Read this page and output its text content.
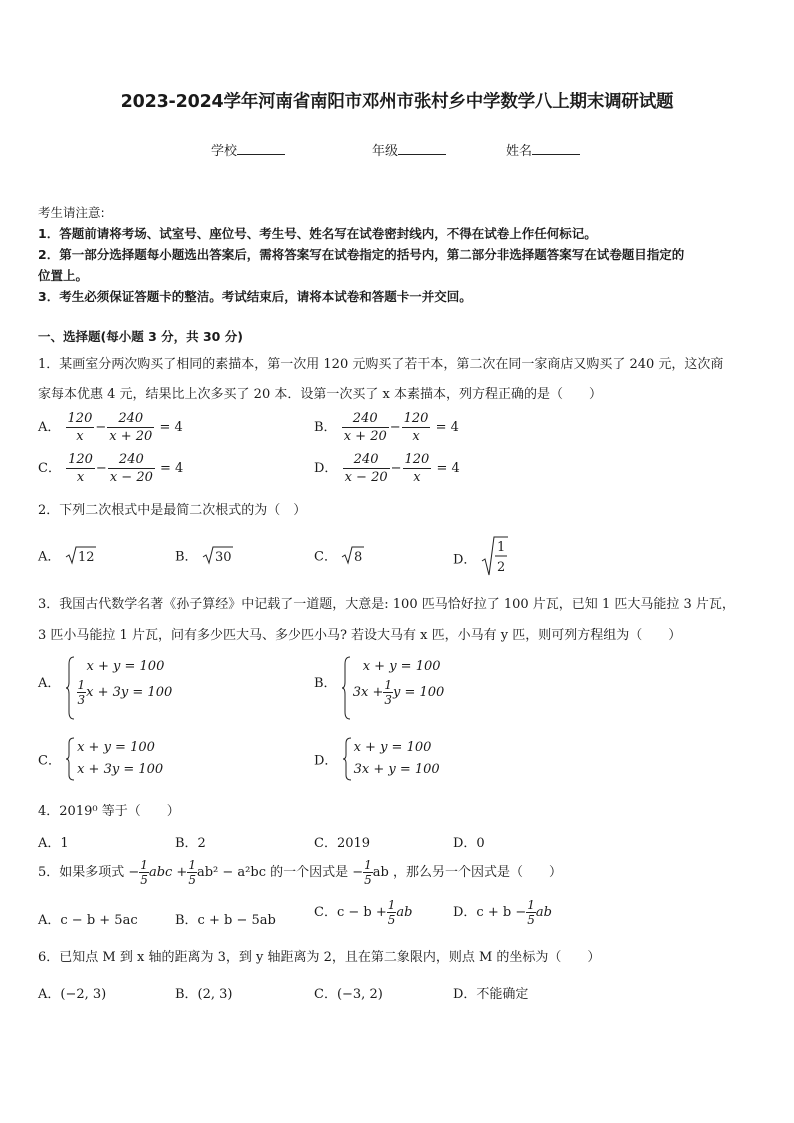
2023-2024学年河南省南阳市邓州市张村乡中学数学八上期末调研试题
学校	年级	姓名
考生请注意:
1．答题前请将考场、试室号、座位号、考生号、姓名写在试卷密封线内，不得在试卷上作任何标记。
2．第一部分选择题每小题选出答案后，需将答案写在试卷指定的括号内，第二部分非选择题答案写在试卷题目指定的
位置上。
3．考生必须保证答题卡的整洁。考试结束后，请将本试卷和答题卡一并交回。
一、选择题(每小题 3 分，共 30 分)
1．某画室分两次购买了相同的素描本，第一次用 120 元购买了若干本，第二次在同一家商店又购买了 240 元，这次商
家每本优惠 4 元，结果比上次多买了 20 本．设第一次买了 x 本素描本，列方程正确的是（　　）
A． $\frac{120}{x} - \frac{240}{x + 20} = 4$	B． $\frac{240}{x + 20} - \frac{120}{x} = 4$
C． $\frac{120}{x} - \frac{240}{x - 20} = 4$	D． $\frac{240}{x - 20} - \frac{120}{x} = 4$
2．下列二次根式中是最简二次根式的为（　）
A． 12	B． 30	C． 8	D．
1
2
3．我国古代数学名著《孙子算经》中记载了一道题，大意是: 100 匹马恰好拉了 100 片瓦，已知 1 匹大马能拉 3 片瓦，
3 匹小马能拉 1 片瓦，问有多少匹大马、多少匹小马? 若设大马有 x 匹，小马有 y 匹，则可列方程组为（　　）
A．
x + y = 100
$\frac{1}{3}$ x + 3y = 100
B．
x + y = 100
$3x + \frac{1}{3}$ y = 100
C．
x + y = 100
x + 3y = 100
D．
x + y = 100
3x + y = 100
4．2019⁰ 等于（　　）
A．1	B．2	C．2019	D．0
5．如果多项式 − $\frac{1}{5}$ abc + $\frac{1}{5} ab^2 - a^2bc$ 的一个因式是 − $\frac{1}{5}$ ab ，那么另一个因式是（　　）
A．c − b + 5ac	B．c + b − 5ab
C．$c - b + \frac{1}{5}$ ab	D．$c + b - \frac{1}{5}$ ab
6．已知点 M 到 x 轴的距离为 3，到 y 轴距离为 2，且在第二象限内，则点 M 的坐标为（　　）
A．(−2, 3)	B．(2, 3)	C．(−3, 2)	D．不能确定
